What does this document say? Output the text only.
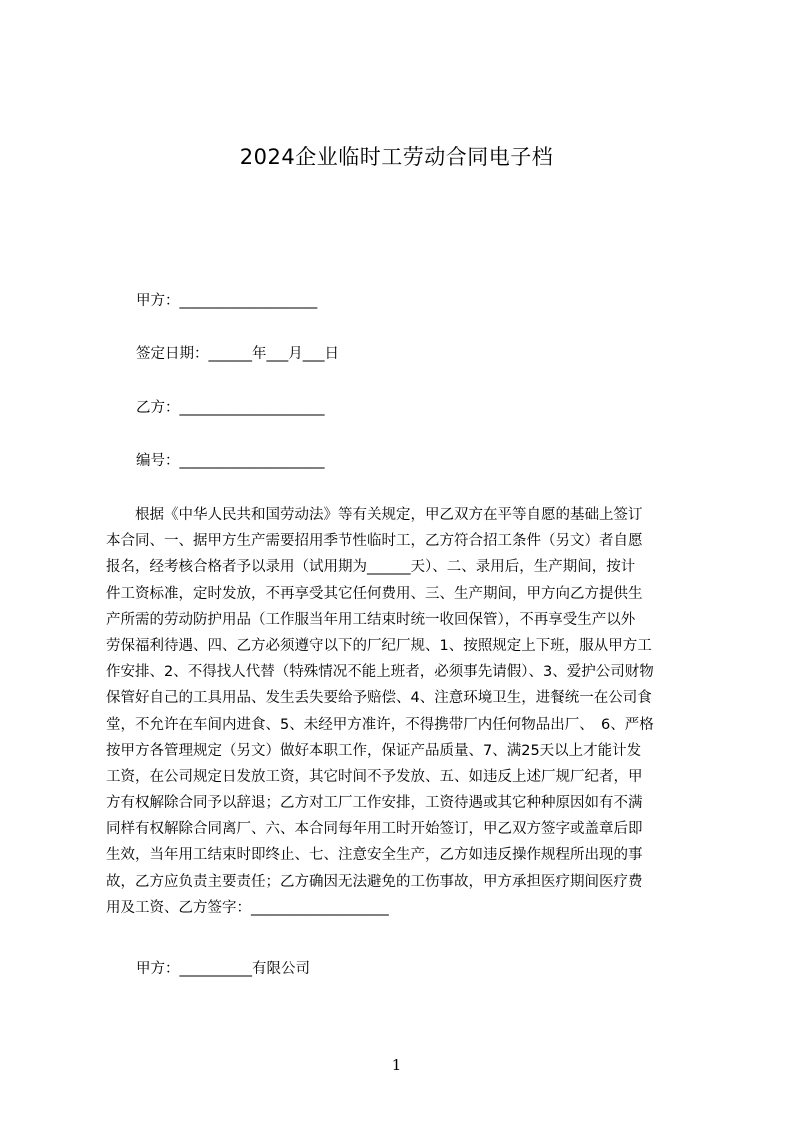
2024企业临时工劳动合同电子档
甲方：___________________
签定日期：______年___月___日
乙方：____________________
编号：____________________
　　根据《中华人民共和国劳动法》等有关规定，甲乙双方在平等自愿的基础上签订
本合同、一、据甲方生产需要招用季节性临时工，乙方符合招工条件（另文）者自愿
报名，经考核合格者予以录用（试用期为______天）、二、录用后，生产期间，按计
件工资标准，定时发放，不再享受其它任何费用、三、生产期间，甲方向乙方提供生
产所需的劳动防护用品（工作服当年用工结束时统一收回保管），不再享受生产以外
劳保福利待遇、四、乙方必须遵守以下的厂纪厂规、1、按照规定上下班，服从甲方工
作安排、2、不得找人代替（特殊情况不能上班者，必须事先请假）、3、爱护公司财物
保管好自己的工具用品、发生丢失要给予赔偿、4、注意环境卫生，进餐统一在公司食
堂，不允许在车间内进食、5、未经甲方准许，不得携带厂内任何物品出厂、　6、严格
按甲方各管理规定（另文）做好本职工作，保证产品质量、7、满25天以上才能计发
工资，在公司规定日发放工资，其它时间不予发放、五、如违反上述厂规厂纪者，甲
方有权解除合同予以辞退；乙方对工厂工作安排，工资待遇或其它种种原因如有不满
同样有权解除合同离厂、六、本合同每年用工时开始签订，甲乙双方签字或盖章后即
生效，当年用工结束时即终止、七、注意安全生产，乙方如违反操作规程所出现的事
故，乙方应负责主要责任；乙方确因无法避免的工伤事故，甲方承担医疗期间医疗费
用及工资、乙方签字：___________________
甲方：__________有限公司
1
